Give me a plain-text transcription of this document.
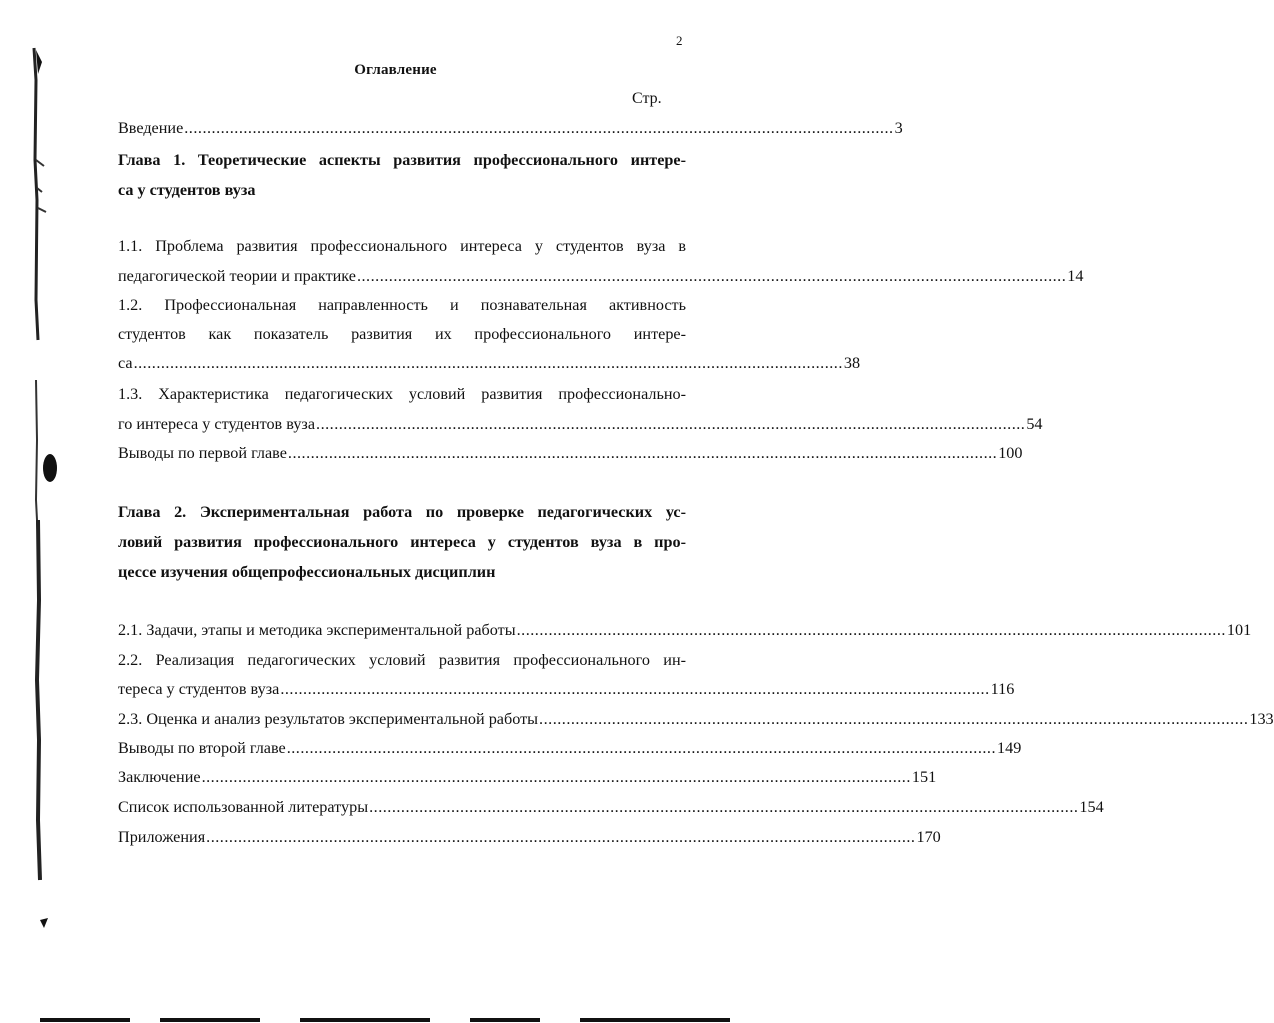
2
Оглавление
Стр.
Введение ............................................................................................................................................................ 3
Глава 1. Теоретические аспекты развития профессионального интере-
са у студентов вуза
1.1. Проблема развития профессионального интереса у студентов вуза в
педагогической теории и практике ............................................................................................................................................................ 14
1.2. Профессиональная направленность и познавательная активность
студентов как показатель развития их профессионального интере-
са ............................................................................................................................................................ 38
1.3. Характеристика педагогических условий развития профессионально-
го интереса у студентов вуза ............................................................................................................................................................ 54
Выводы по первой главе ............................................................................................................................................................ 100
Глава 2. Экспериментальная работа по проверке педагогических ус-
ловий развития профессионального интереса у студентов вуза в про-
цессе изучения общепрофессиональных дисциплин
2.1. Задачи, этапы и методика экспериментальной работы ............................................................................................................................................................ 101
2.2. Реализация педагогических условий развития профессионального ин-
тереса у студентов вуза ............................................................................................................................................................ 116
2.3. Оценка и анализ результатов экспериментальной работы ............................................................................................................................................................ 133
Выводы по второй главе ............................................................................................................................................................ 149
Заключение ............................................................................................................................................................ 151
Список использованной литературы ............................................................................................................................................................ 154
Приложения ............................................................................................................................................................ 170
